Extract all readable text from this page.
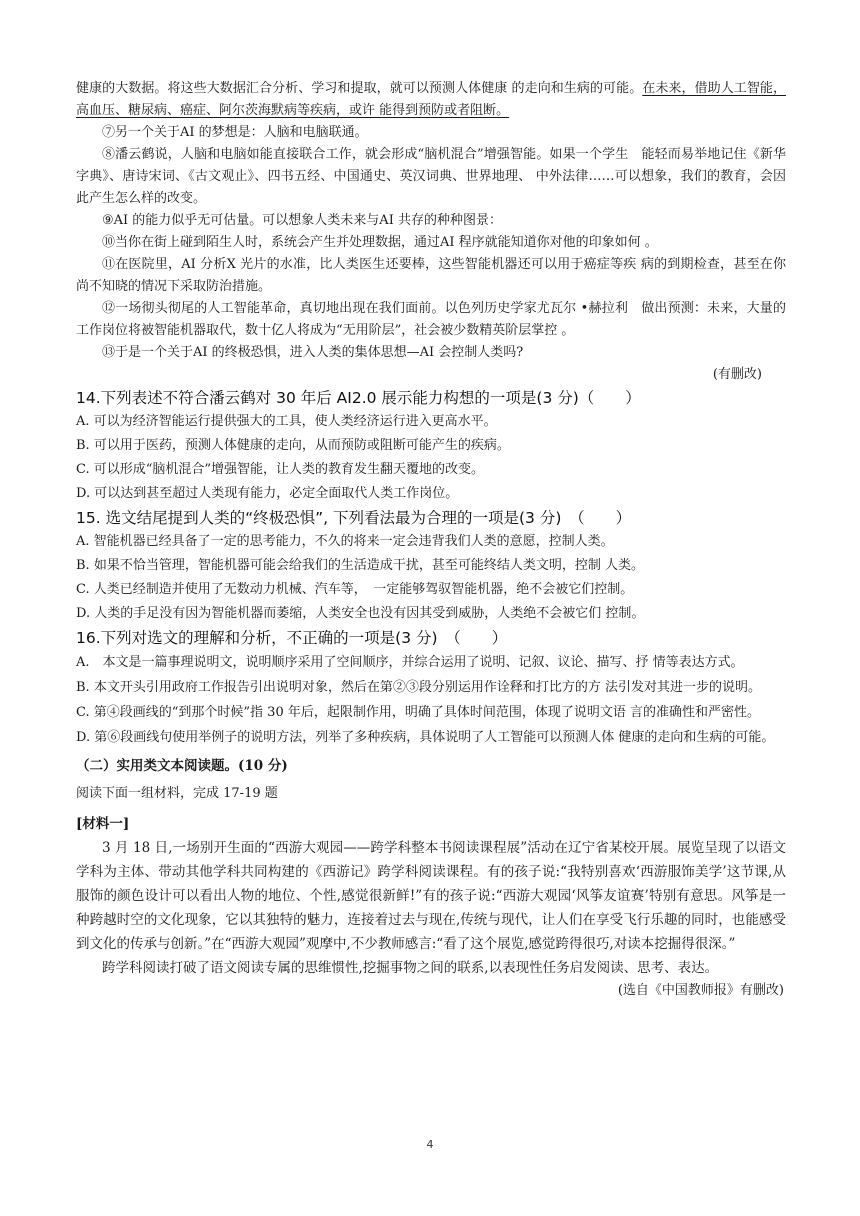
健康的大数据。将这些大数据汇合分析、学习和提取，就可以预测人体健康 的走向和生病的可能。在未来，借助人工智能，高血压、糖尿病、癌症、阿尔茨海默病等疾病，或许 能得到预防或者阻断。

⑦另一个关于AI 的梦想是：人脑和电脑联通。

⑧潘云鹤说，人脑和电脑如能直接联合工作，就会形成“脑机混合”增强智能。如果一个学生　能轻而易举地记住《新华字典》、唐诗宋词、《古文观止》、四书五经、中国通史、英汉词典、世界地理、 中外法律……可以想象，我们的教育，会因此产生怎么样的改变。

⑨AI 的能力似乎无可估量。可以想象人类未来与AI 共存的种种图景：

⑩当你在街上碰到陌生人时，系统会产生并处理数据，通过AI 程序就能知道你对他的印象如何 。

⑪在医院里，AI 分析X 光片的水准，比人类医生还要棒，这些智能机器还可以用于癌症等疾 病的到期检查，甚至在你尚不知晓的情况下采取防治措施。

⑫一场彻头彻尾的人工智能革命，真切地出现在我们面前。以色列历史学家尤瓦尔 •赫拉利　做出预测：未来，大量的工作岗位将被智能机器取代，数十亿人将成为“无用阶层”，社会被少数精英阶层掌控 。

⑬于是一个关于AI 的终极恐惧，进入人类的集体思想—AI 会控制人类吗?

(有删改)

14.下列表述不符合潘云鹤对 30 年后 AI2.0 展示能力构想的一项是(3 分)（　　）

A. 可以为经济智能运行提供强大的工具，使人类经济运行进入更高水平。

B. 可以用于医药，预测人体健康的走向，从而预防或阻断可能产生的疾病。

C. 可以形成“脑机混合”增强智能，让人类的教育发生翻天覆地的改变。

D. 可以达到甚至超过人类现有能力，必定全面取代人类工作岗位。

15. 选文结尾提到人类的“终极恐惧”, 下列看法最为合理的一项是(3 分)　（　　）

A. 智能机器已经具备了一定的思考能力，不久的将来一定会违背我们人类的意愿，控制人类。

B. 如果不恰当管理，智能机器可能会给我们的生活造成干扰，甚至可能终结人类文明，控制 人类。

C. 人类已经制造并使用了无数动力机械、汽车等，　一定能够驾驭智能机器，绝不会被它们控制。

D. 人类的手足没有因为智能机器而萎缩，人类安全也没有因其受到威胁，人类绝不会被它们 控制。

16.下列对选文的理解和分析，不正确的一项是(3 分)　（　　）

A.　本文是一篇事理说明文，说明顺序采用了空间顺序，并综合运用了说明、记叙、议论、描写、抒 情等表达方式。

B. 本文开头引用政府工作报告引出说明对象，然后在第②③段分别运用作诠释和打比方的方 法引发对其进一步的说明。

C. 第④段画线的“到那个时候”指 30 年后，起限制作用，明确了具体时间范围，体现了说明文语 言的准确性和严密性。

D. 第⑥段画线句使用举例子的说明方法，列举了多种疾病，具体说明了人工智能可以预测人体 健康的走向和生病的可能。

（二）实用类文本阅读题。(10 分)

阅读下面一组材料，完成 17-19 题

[材料一]

3 月 18 日,一场别开生面的“西游大观园——跨学科整本书阅读课程展”活动在辽宁省某校开展。展览呈现了以语文学科为主体、带动其他学科共同构建的《西游记》跨学科阅读课程。有的孩子说:“我特别喜欢‘西游服饰美学’这节课,从服饰的颜色设计可以看出人物的地位、个性,感觉很新鲜!”有的孩子说:“西游大观园‘风筝友谊赛’特别有意思。风筝是一种跨越时空的文化现象，它以其独特的魅力，连接着过去与现在,传统与现代，让人们在享受飞行乐趣的同时，也能感受到文化的传承与创新。”在“西游大观园”观摩中,不少教师感言:“看了这个展览,感觉跨得很巧,对读本挖掘得很深。”

跨学科阅读打破了语文阅读专属的思维惯性,挖掘事物之间的联系,以表现性任务启发阅读、思考、表达。

(选自《中国教师报》有删改)

4
